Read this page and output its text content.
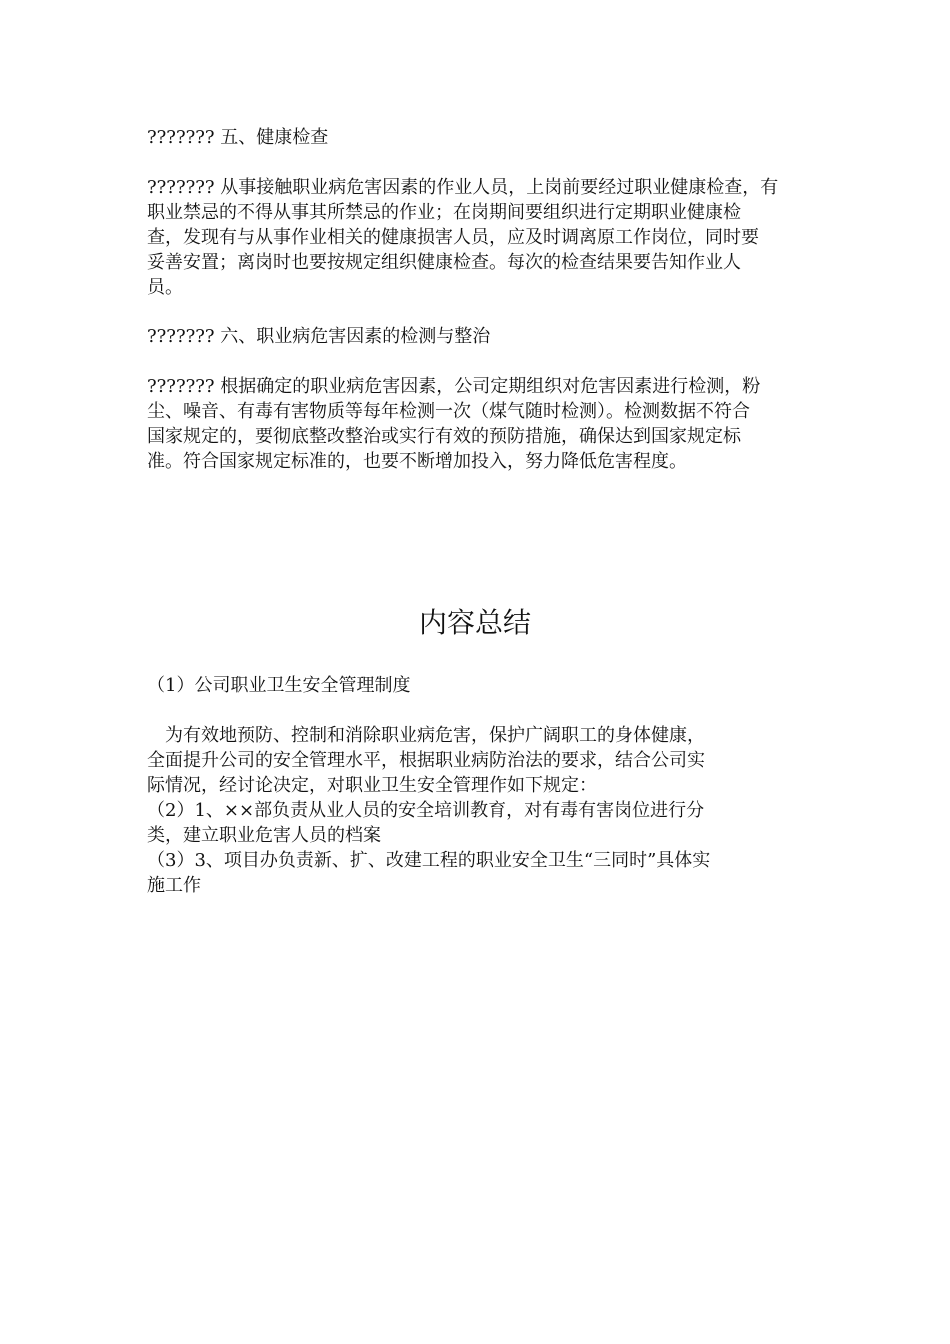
??????? 五、健康检查

??????? 从事接触职业病危害因素的作业人员，上岗前要经过职业健康检查，有
职业禁忌的不得从事其所禁忌的作业；在岗期间要组织进行定期职业健康检
查，发现有与从事作业相关的健康损害人员，应及时调离原工作岗位，同时要
妥善安置；离岗时也要按规定组织健康检查。每次的检查结果要告知作业人
员。

??????? 六、职业病危害因素的检测与整治

??????? 根据确定的职业病危害因素，公司定期组织对危害因素进行检测，粉
尘、噪音、有毒有害物质等每年检测一次（煤气随时检测）。检测数据不符合
国家规定的，要彻底整改整治或实行有效的预防措施，确保达到国家规定标
准。符合国家规定标准的，也要不断增加投入，努力降低危害程度。

内容总结

（1）公司职业卫生安全管理制度

　为有效地预防、控制和消除职业病危害，保护广阔职工的身体健康，
全面提升公司的安全管理水平，根据职业病防治法的要求，结合公司实
际情况，经讨论决定，对职业卫生安全管理作如下规定：
（2）1、××部负责从业人员的安全培训教育，对有毒有害岗位进行分
类，建立职业危害人员的档案
（3）3、项目办负责新、扩、改建工程的职业安全卫生“三同时”具体实
施工作
